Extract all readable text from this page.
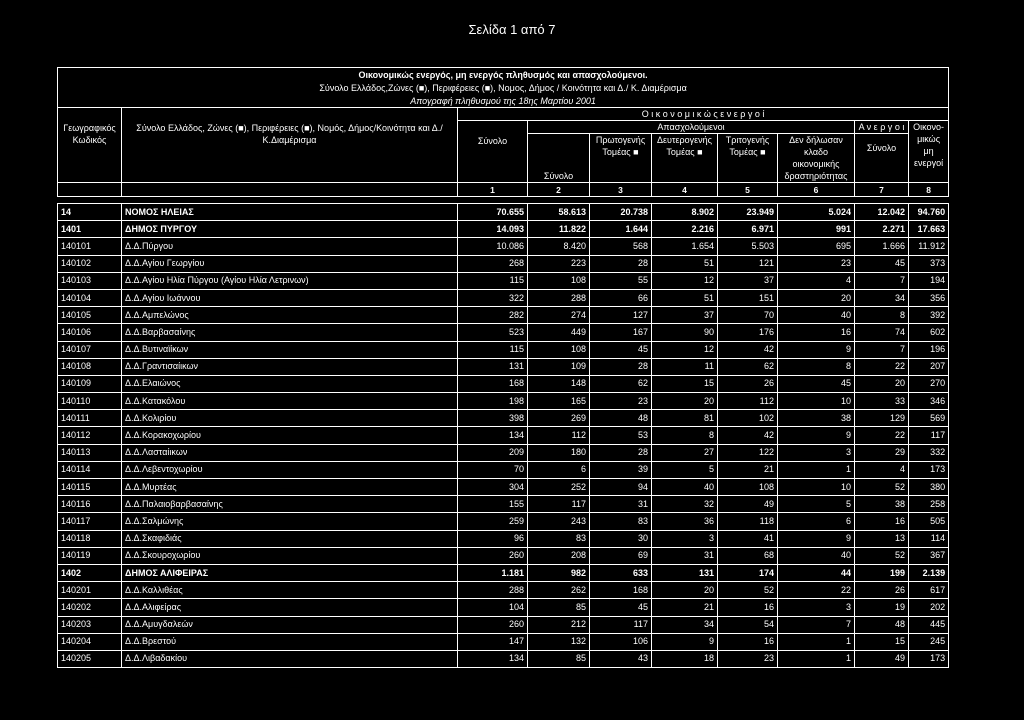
Σελίδα 1 από 7
Οικονομικώς ενεργός, μη ενεργός πληθυσμός και απασχολούμενοι.									
Σύνολο Ελλάδος,Ζώνες (■), Περιφέρειες (■), Νομος, Δήμος / Κοινότητα και Δ./ Κ. Διαμέρισμα									
Απογραφή πληθυσμού της 18ης Μαρτίου 2001									
Γεωγραφικός Κωδικός	Σύνολο Ελλάδος, Ζώνες (■), Περιφέρειες (■), Νομός, Δήμος/Κοινότητα και Δ./ Κ.Διαμέρισμα	Ο ι κ ο ν ο μ ι κ ώ ς ε ν ε ρ γ ο ί							
		Σύνολο	Απασχολούμενοι					Α ν ε ρ γ ο ι	Οικονο-μικώς μη ενεργοί
			Σύνολο	Πρωτογενής Τομέας ■	Δευτερογενής Τομέας ■	Τριτογενής Τομέας ■	Δεν δήλωσαν κλαδο οικονομικής δραστηριότητας	Σύνολο	

		1	2	3	4	5	6	7	8

14	ΝΟΜΟΣ ΗΛΕΙΑΣ	70.655	58.613	20.738	8.902	23.949	5.024	12.042	94.760
1401	ΔΗΜΟΣ ΠΥΡΓΟΥ	14.093	11.822	1.644	2.216	6.971	991	2.271	17.663
140101	Δ.Δ.Πύργου	10.086	8.420	568	1.654	5.503	695	1.666	11.912
140102	Δ.Δ.Αγίου Γεωργίου	268	223	28	51	121	23	45	373
140103	Δ.Δ.Αγίου Ηλία Πύργου (Αγίου Ηλία Λετρινων)	115	108	55	12	37	4	7	194
140104	Δ.Δ.Αγίου Ιωάννου	322	288	66	51	151	20	34	356
140105	Δ.Δ.Αμπελώνος	282	274	127	37	70	40	8	392
140106	Δ.Δ.Βαρβασαίνης	523	449	167	90	176	16	74	602
140107	Δ.Δ.Βυτιναϊίκων	115	108	45	12	42	9	7	196
140108	Δ.Δ.Γραντισαίικων	131	109	28	11	62	8	22	207
140109	Δ.Δ.Ελαιώνος	168	148	62	15	26	45	20	270
140110	Δ.Δ.Κατακόλου	198	165	23	20	112	10	33	346
140111	Δ.Δ.Κολιρίου	398	269	48	81	102	38	129	569
140112	Δ.Δ.Κορακοχωρίου	134	112	53	8	42	9	22	117
140113	Δ.Δ.Λασταίικων	209	180	28	27	122	3	29	332
140114	Δ.Δ.Λεβεντοχωρίου	70	6	39	5	21	1	4	173
140115	Δ.Δ.Μυρτέας	304	252	94	40	108	10	52	380
140116	Δ.Δ.Παλαιοβαρβασαίνης	155	117	31	32	49	5	38	258
140117	Δ.Δ.Σαλμώνης	259	243	83	36	118	6	16	505
140118	Δ.Δ.Σκαφιδιάς	96	83	30	3	41	9	13	114
140119	Δ.Δ.Σκουροχωρίου	260	208	69	31	68	40	52	367
1402	ΔΗΜΟΣ ΑΛΙΦΕΙΡΑΣ	1.181	982	633	131	174	44	199	2.139
140201	Δ.Δ.Καλλιθέας	288	262	168	20	52	22	26	617
140202	Δ.Δ.Αλιφείρας	104	85	45	21	16	3	19	202
140203	Δ.Δ.Αμυγδαλεών	260	212	117	34	54	7	48	445
140204	Δ.Δ.Βρεστού	147	132	106	9	16	1	15	245
140205	Δ.Δ.Λιβαδακίου	134	85	43	18	23	1	49	173
